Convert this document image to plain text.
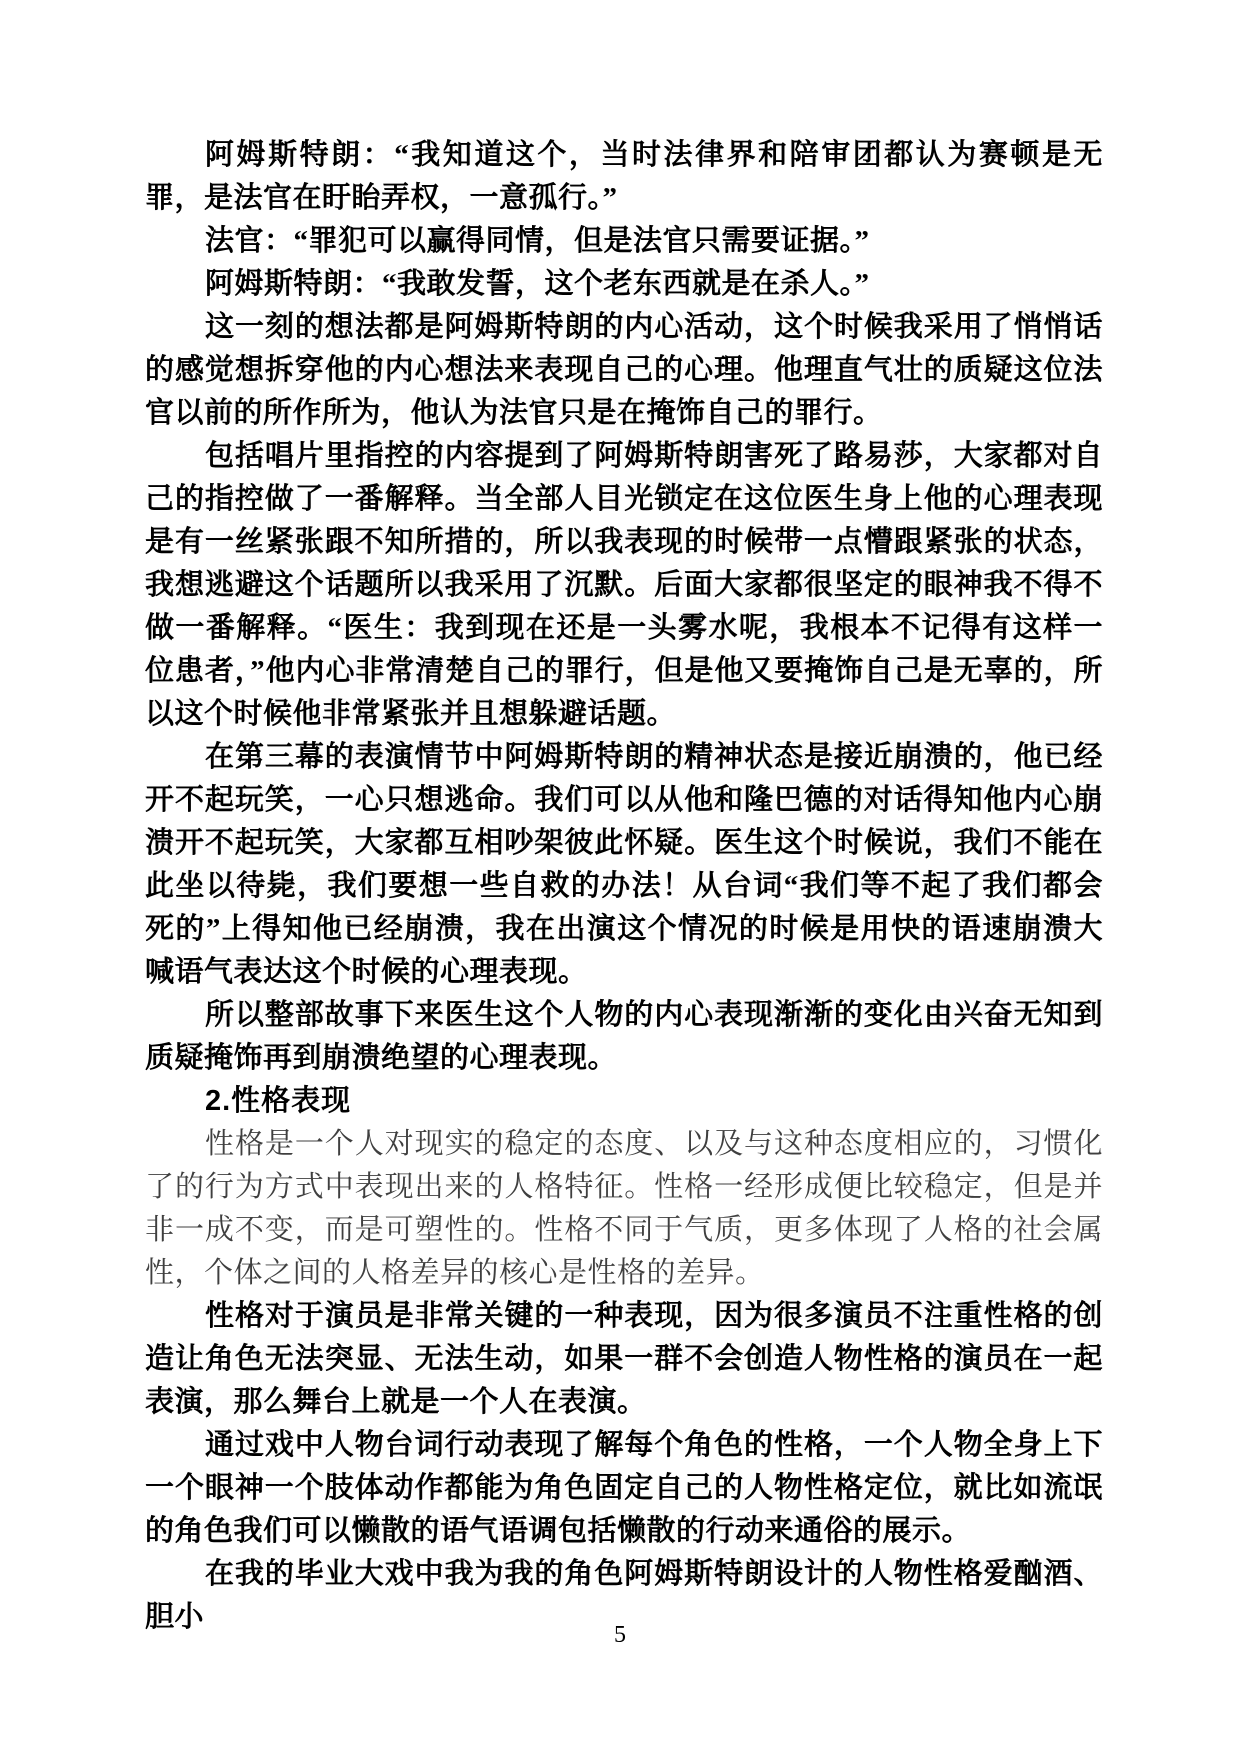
阿姆斯特朗：“我知道这个，当时法律界和陪审团都认为赛顿是无罪，是法官在盱眙弄权，一意孤行。”

法官：“罪犯可以赢得同情，但是法官只需要证据。”

阿姆斯特朗：“我敢发誓，这个老东西就是在杀人。”

这一刻的想法都是阿姆斯特朗的内心活动，这个时候我采用了悄悄话的感觉想拆穿他的内心想法来表现自己的心理。他理直气壮的质疑这位法官以前的所作所为，他认为法官只是在掩饰自己的罪行。

包括唱片里指控的内容提到了阿姆斯特朗害死了路易莎，大家都对自己的指控做了一番解释。当全部人目光锁定在这位医生身上他的心理表现是有一丝紧张跟不知所措的，所以我表现的时候带一点懵跟紧张的状态，我想逃避这个话题所以我采用了沉默。后面大家都很坚定的眼神我不得不做一番解释。“医生：我到现在还是一头雾水呢，我根本不记得有这样一位患者，”他内心非常清楚自己的罪行，但是他又要掩饰自己是无辜的，所以这个时候他非常紧张并且想躲避话题。

在第三幕的表演情节中阿姆斯特朗的精神状态是接近崩溃的，他已经开不起玩笑，一心只想逃命。我们可以从他和隆巴德的对话得知他内心崩溃开不起玩笑，大家都互相吵架彼此怀疑。医生这个时候说，我们不能在此坐以待毙，我们要想一些自救的办法！从台词“我们等不起了我们都会死的”上得知他已经崩溃，我在出演这个情况的时候是用快的语速崩溃大喊语气表达这个时候的心理表现。

所以整部故事下来医生这个人物的内心表现渐渐的变化由兴奋无知到质疑掩饰再到崩溃绝望的心理表现。

2.性格表现

性格是一个人对现实的稳定的态度、以及与这种态度相应的，习惯化了的行为方式中表现出来的人格特征。性格一经形成便比较稳定，但是并非一成不变，而是可塑性的。性格不同于气质，更多体现了人格的社会属性，个体之间的人格差异的核心是性格的差异。

性格对于演员是非常关键的一种表现，因为很多演员不注重性格的创造让角色无法突显、无法生动，如果一群不会创造人物性格的演员在一起表演，那么舞台上就是一个人在表演。

通过戏中人物台词行动表现了解每个角色的性格，一个人物全身上下一个眼神一个肢体动作都能为角色固定自己的人物性格定位，就比如流氓的角色我们可以懒散的语气语调包括懒散的行动来通俗的展示。

在我的毕业大戏中我为我的角色阿姆斯特朗设计的人物性格爱酗酒、胆小

5
